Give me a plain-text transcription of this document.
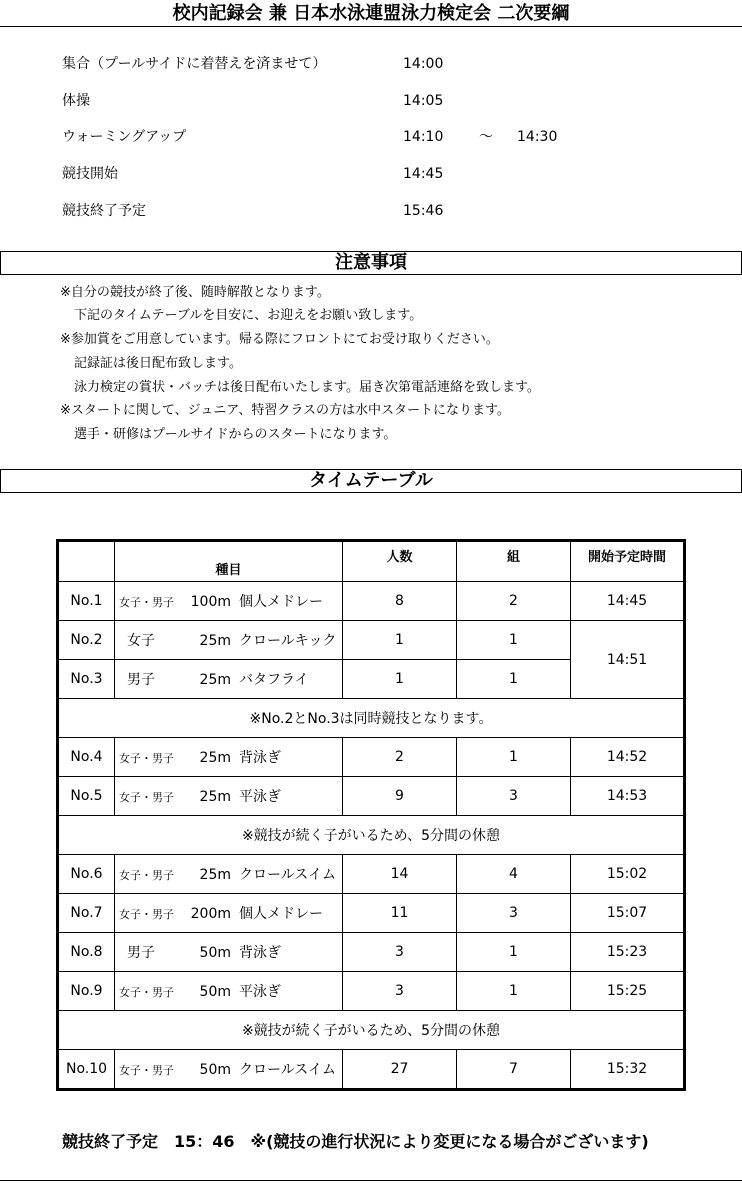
校内記録会 兼 日本水泳連盟泳力検定会 二次要綱
集合（プールサイドに着替えを済ませて）	14:00
体操	14:05
ウォーミングアップ	14:10	～ 14:30
競技開始	14:45
競技終了予定	15:46
注意事項
※自分の競技が終了後、随時解散となります。
下記のタイムテーブルを目安に、お迎えをお願い致します。
※参加賞をご用意しています。帰る際にフロントにてお受け取りください。
記録証は後日配布致します。
泳力検定の賞状・バッチは後日配布いたします。届き次第電話連絡を致します。
※スタートに関して、ジュニア、特習クラスの方は水中スタートになります。
選手・研修はプールサイドからのスタートになります。
タイムテーブル

	種目	人数	組	開始予定時間
No.1	女子・男子 100m 個人メドレー	8	2	14:45
No.2	女子 25m クロールキック	1	1	14:51
No.3	男子 25m バタフライ	1	1	
※No.2とNo.3は同時競技となります。				
No.4	女子・男子 25m 背泳ぎ	2	1	14:52
No.5	女子・男子 25m 平泳ぎ	9	3	14:53
※競技が続く子がいるため、5分間の休憩				
No.6	女子・男子 25m クロールスイム	14	4	15:02
No.7	女子・男子 200m 個人メドレー	11	3	15:07
No.8	男子 50m 背泳ぎ	3	1	15:23
No.9	女子・男子 50m 平泳ぎ	3	1	15:25
※競技が続く子がいるため、5分間の休憩				
No.10	女子・男子 50m クロールスイム	27	7	15:32
競技終了予定　15：46　※(競技の進行状況により変更になる場合がございます)
